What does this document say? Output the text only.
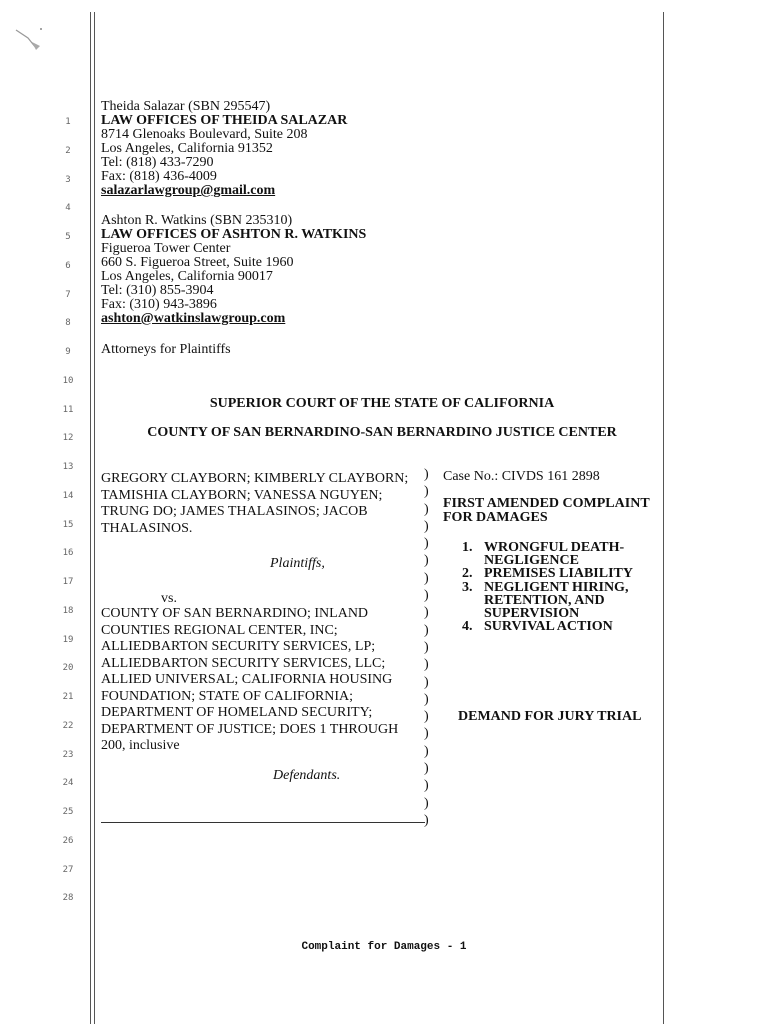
1
2
3
4
5
6
7
8
9
10
11
12
13
14
15
16
17
18
19
20
21
22
23
24
25
26
27
28
Theida Salazar (SBN 295547)
LAW OFFICES OF THEIDA SALAZAR
8714 Glenoaks Boulevard, Suite 208
Los Angeles, California 91352
Tel: (818) 433-7290
Fax: (818) 436-4009
salazarlawgroup@gmail.com
Ashton R. Watkins (SBN 235310)
LAW OFFICES OF ASHTON R. WATKINS
Figueroa Tower Center
660 S. Figueroa Street, Suite 1960
Los Angeles, California 90017
Tel: (310) 855-3904
Fax: (310) 943-3896
ashton@watkinslawgroup.com
Attorneys for Plaintiffs
SUPERIOR COURT OF THE STATE OF CALIFORNIA
COUNTY OF SAN BERNARDINO-SAN BERNARDINO JUSTICE CENTER
GREGORY CLAYBORN; KIMBERLY CLAYBORN;
TAMISHIA CLAYBORN; VANESSA NGUYEN;
TRUNG DO; JAMES THALASINOS; JACOB
THALASINOS.
Plaintiffs,
vs.
COUNTY OF SAN BERNARDINO; INLAND
COUNTIES REGIONAL CENTER, INC;
ALLIEDBARTON SECURITY SERVICES, LP;
ALLIEDBARTON SECURITY SERVICES, LLC;
ALLIED UNIVERSAL; CALIFORNIA HOUSING
FOUNDATION; STATE OF CALIFORNIA;
DEPARTMENT OF HOMELAND SECURITY;
DEPARTMENT OF JUSTICE; DOES 1 THROUGH
200, inclusive
Defendants.
)
)
)
)
)
)
)
)
)
)
)
)
)
)
)
)
)
)
)
)
)
Case No.: CIVDS 161 2898
FIRST AMENDED COMPLAINT
FOR DAMAGES
1. WRONGFUL DEATH-
NEGLIGENCE
2. PREMISES LIABILITY
3. NEGLIGENT HIRING,
RETENTION, AND
SUPERVISION
4. SURVIVAL ACTION
DEMAND FOR JURY TRIAL
Complaint for Damages - 1
